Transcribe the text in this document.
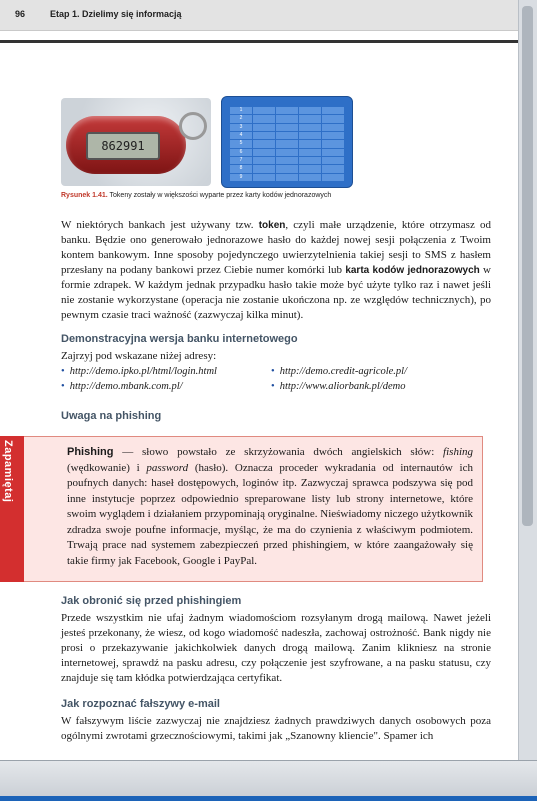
96	Etap 1. Dzielimy się informacją
862991
1
2
3
4
5
6
7
8
9
Rysunek 1.41. Tokeny zostały w większości wyparte przez karty kodów jednorazowych
W niektórych bankach jest używany tzw. token, czyli małe urządzenie, które otrzymasz od banku. Będzie ono generowało jednorazowe hasło do każdej nowej sesji połączenia z Twoim kontem bankowym. Inne sposoby pojedynczego uwierzytelnienia takiej sesji to SMS z hasłem przesłany na podany bankowi przez Ciebie numer komórki lub karta kodów jednorazowych w formie zdrapek. W każdym jednak przypadku hasło takie może być użyte tylko raz i nawet jeśli nie zostanie wykorzystane (operacja nie zostanie ukończona np. ze względów technicznych), po pewnym czasie traci ważność (zazwyczaj kilka minut).
Demonstracyjna wersja banku internetowego
Zajrzyj pod wskazane niżej adresy:
• http://demo.ipko.pl/html/login.html
• http://demo.mbank.com.pl/
• http://demo.credit-agricole.pl/
• http://www.aliorbank.pl/demo
Uwaga na phishing
Zapamiętaj	Phishing — słowo powstało ze skrzyżowania dwóch angielskich słów: fishing (wędkowanie) i password (hasło). Oznacza proceder wykradania od internautów ich poufnych danych: haseł dostępowych, loginów itp. Zazwyczaj sprawca podszywa się pod inne instytucje poprzez odpowiednio spreparowane listy lub strony internetowe, które swoim wyglądem i działaniem przypominają oryginalne. Nieświadomy niczego użytkownik zdradza swoje poufne informacje, myśląc, że ma do czynienia z właściwym podmiotem. Trwają prace nad systemem zabezpieczeń przed phishingiem, w które zaangażowały się takie firmy jak Facebook, Google i PayPal.
Jak obronić się przed phishingiem
Przede wszystkim nie ufaj żadnym wiadomościom rozsyłanym drogą mailową. Nawet jeżeli jesteś przekonany, że wiesz, od kogo wiadomość nadeszła, zachowaj ostrożność. Bank nigdy nie prosi o przekazywanie jakichkolwiek danych drogą mailową. Zanim klikniesz na stronie internetowej, sprawdź na pasku adresu, czy połączenie jest szyfrowane, a na pasku statusu, czy znajduje się tam kłódka potwierdzająca certyfikat.
Jak rozpoznać fałszywy e-mail
W fałszywym liście zazwyczaj nie znajdziesz żadnych prawdziwych danych osobowych poza ogólnymi zwrotami grzecznościowymi, takimi jak „Szanowny kliencie". Spamer ich
